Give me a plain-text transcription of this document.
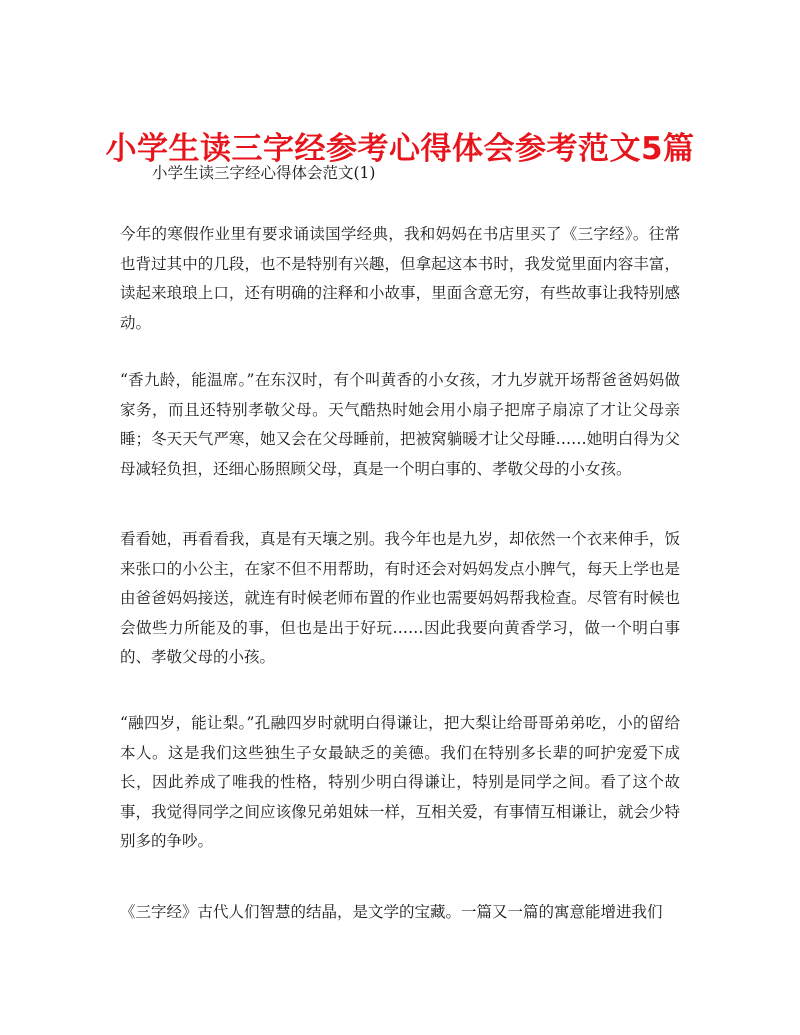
小学生读三字经参考心得体会参考范文5篇
小学生读三字经心得体会范文(1)

今年的寒假作业里有要求诵读国学经典，我和妈妈在书店里买了《三字经》。往常也背过其中的几段，也不是特别有兴趣，但拿起这本书时，我发觉里面内容丰富，读起来琅琅上口，还有明确的注释和小故事，里面含意无穷，有些故事让我特别感动。

“香九龄，能温席。”在东汉时，有个叫黄香的小女孩，才九岁就开场帮爸爸妈妈做家务，而且还特别孝敬父母。天气酷热时她会用小扇子把席子扇凉了才让父母亲睡；冬天天气严寒，她又会在父母睡前，把被窝躺暖才让父母睡……她明白得为父母减轻负担，还细心肠照顾父母，真是一个明白事的、孝敬父母的小女孩。

看看她，再看看我，真是有天壤之别。我今年也是九岁，却依然一个衣来伸手，饭来张口的小公主，在家不但不用帮助，有时还会对妈妈发点小脾气，每天上学也是由爸爸妈妈接送，就连有时候老师布置的作业也需要妈妈帮我检查。尽管有时候也会做些力所能及的事，但也是出于好玩……因此我要向黄香学习，做一个明白事的、孝敬父母的小孩。

“融四岁，能让梨。”孔融四岁时就明白得谦让，把大梨让给哥哥弟弟吃，小的留给本人。这是我们这些独生子女最缺乏的美德。我们在特别多长辈的呵护宠爱下成长，因此养成了唯我的性格，特别少明白得谦让，特别是同学之间。看了这个故事，我觉得同学之间应该像兄弟姐妹一样，互相关爱，有事情互相谦让，就会少特别多的争吵。

《三字经》古代人们智慧的结晶，是文学的宝藏。一篇又一篇的寓意能增进我们
